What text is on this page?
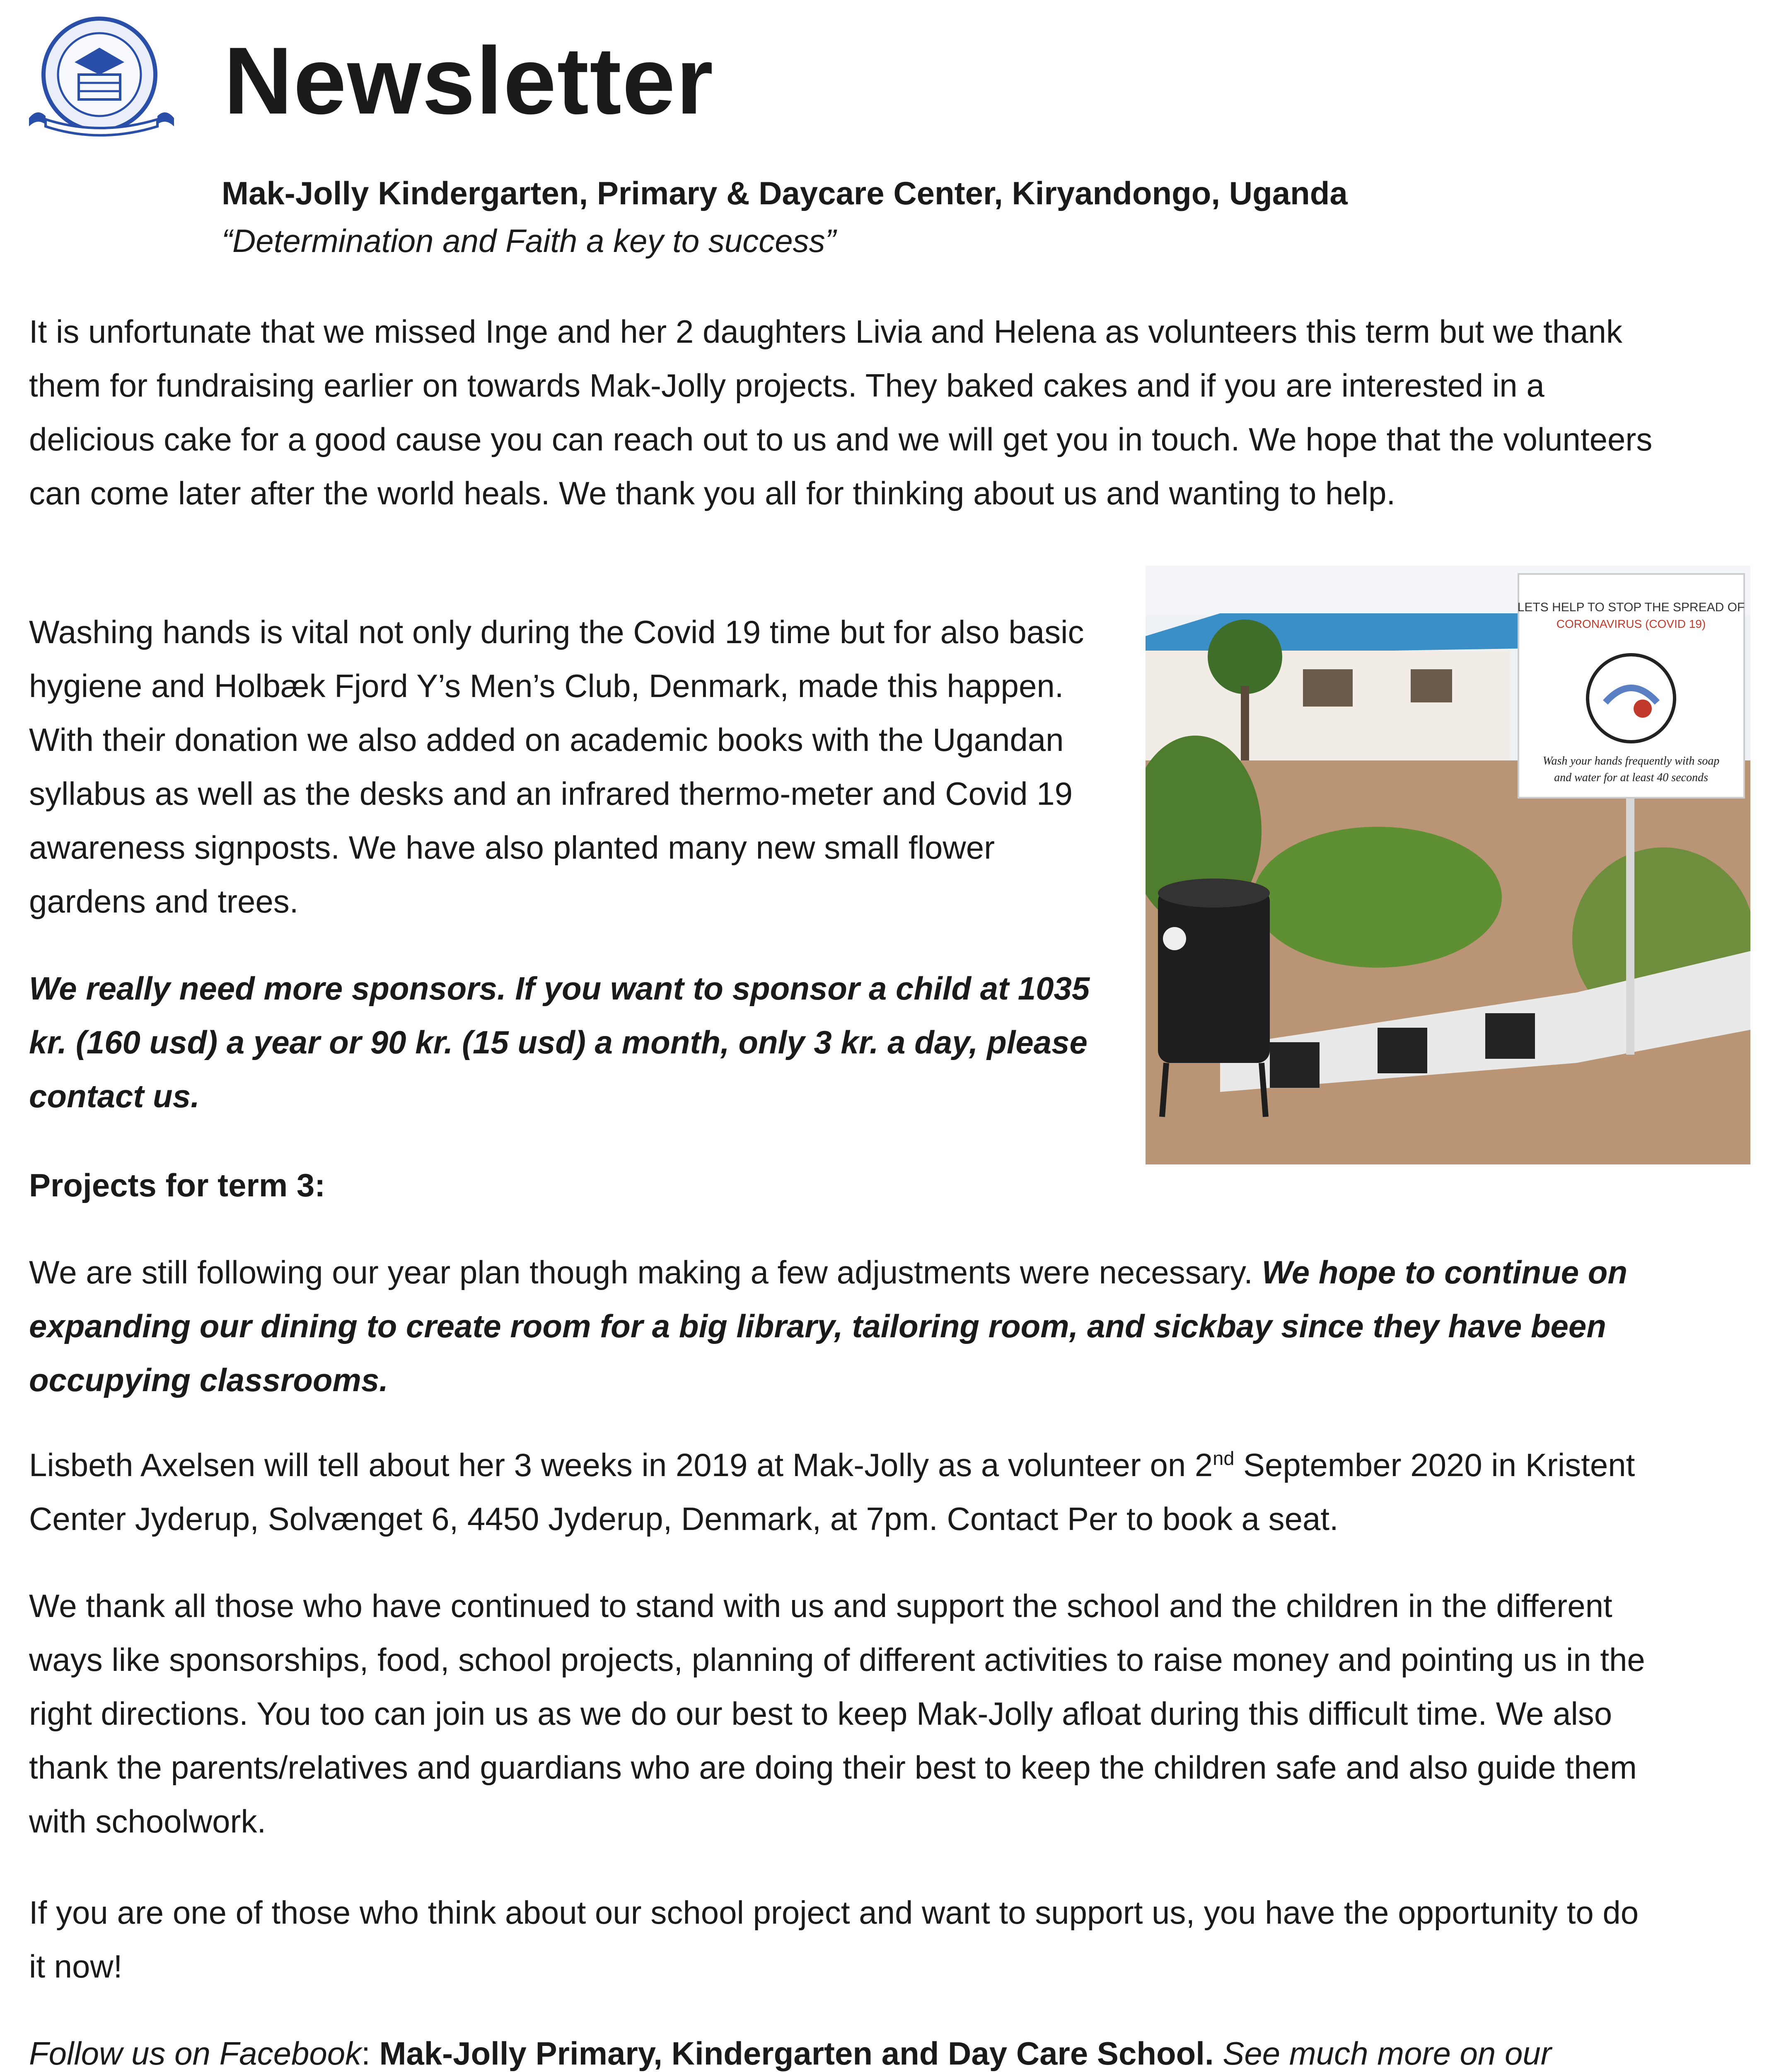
Newsletter
Mak-Jolly Kindergarten, Primary & Daycare Center, Kiryandongo, Uganda
“Determination and Faith a key to success”

It is unfortunate that we missed Inge and her 2 daughters Livia and Helena as volunteers this term but we thank them for fundraising earlier on towards Mak-Jolly projects. They baked cakes and if you are interested in a delicious cake for a good cause you can reach out to us and we will get you in touch. We hope that the volunteers can come later after the world heals. We thank you all for thinking about us and wanting to help.

Washing hands is vital not only during the Covid 19 time but for also basic hygiene and Holbæk Fjord Y’s Men’s Club, Denmark, made this happen. With their donation we also added on academic books with the Ugandan syllabus as well as the desks and an infrared thermo-meter and Covid 19 awareness signposts. We have also planted many new small flower gardens and trees.

We really need more sponsors. If you want to sponsor a child at 1035 kr. (160 usd) a year or 90 kr. (15 usd) a month, only 3 kr. a day, please contact us.

Projects for term 3:

We are still following our year plan though making a few adjustments were necessary. We hope to continue on expanding our dining to create room for a big library, tailoring room, and sickbay since they have been occupying classrooms.

Lisbeth Axelsen will tell about her 3 weeks in 2019 at Mak-Jolly as a volunteer on 2nd September 2020 in Kristent Center Jyderup, Solvænget 6, 4450 Jyderup, Denmark, at 7pm. Contact Per to book a seat.

We thank all those who have continued to stand with us and support the school and the children in the different ways like sponsorships, food, school projects, planning of different activities to raise money and pointing us in the right directions. You too can join us as we do our best to keep Mak-Jolly afloat during this difficult time. We also thank the parents/relatives and guardians who are doing their best to keep the children safe and also guide them with schoolwork.

If you are one of those who think about our school project and want to support us, you have the opportunity to do it now!

Follow us on Facebook: Mak-Jolly Primary, Kindergarten and Day Care School. See much more on our

LETS HELP TO STOP THE SPREAD OF
CORONAVIRUS (COVID 19)
Wash your hands frequently with soap
and water for at least 40 seconds
